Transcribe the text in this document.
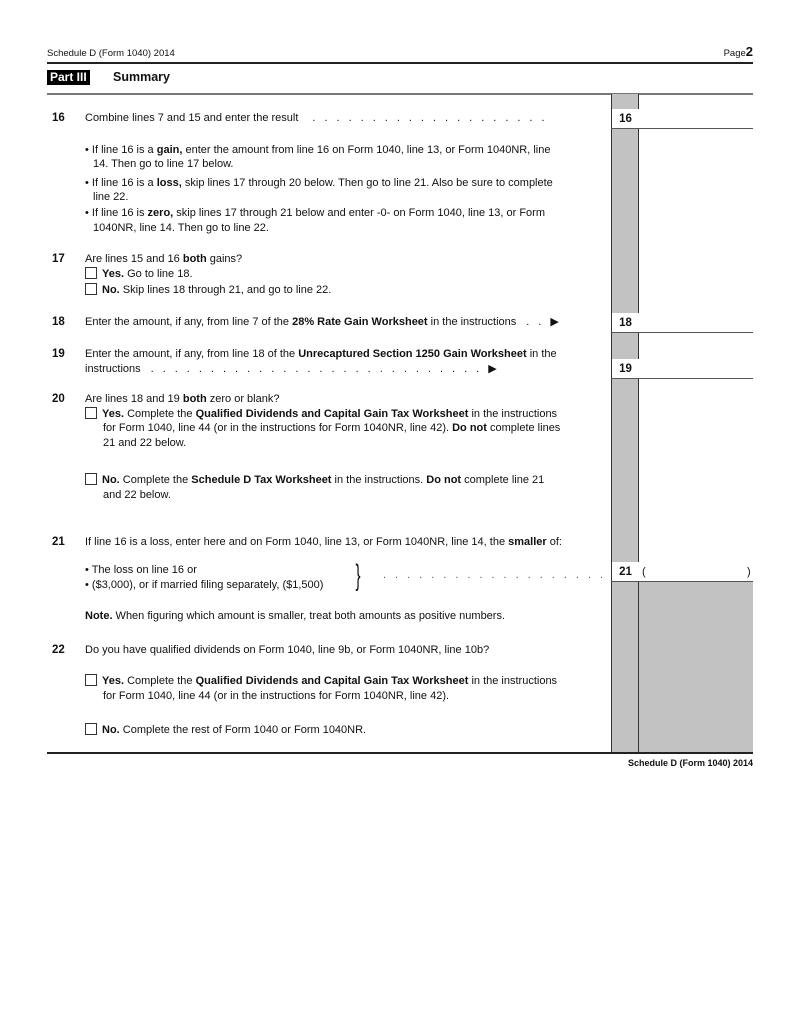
Schedule D (Form 1040) 2014	Page2
Part III Summary
16
18
19
21 (	)
16 Combine lines 7 and 15 and enter the result ....................
• If line 16 is a gain, enter the amount from line 16 on Form 1040, line 13, or Form 1040NR, line
14. Then go to line 17 below.
• If line 16 is a loss, skip lines 17 through 20 below. Then go to line 21. Also be sure to complete
line 22.
• If line 16 is zero, skip lines 17 through 21 below and enter -0- on Form 1040, line 13, or Form
1040NR, line 14. Then go to line 22.
17 Are lines 15 and 16 both gains?
Yes. Go to line 18.
No. Skip lines 18 through 21, and go to line 22.
18 Enter the amount, if any, from line 7 of the 28% Rate Gain Worksheet in the instructions ..▶
19 Enter the amount, if any, from line 18 of the Unrecaptured Section 1250 Gain Worksheet in the
instructions ............................▶
20 Are lines 18 and 19 both zero or blank?
Yes. Complete the Qualified Dividends and Capital Gain Tax Worksheet in the instructions
for Form 1040, line 44 (or in the instructions for Form 1040NR, line 42). Do not complete lines
21 and 22 below.
No. Complete the Schedule D Tax Worksheet in the instructions. Do not complete line 21
and 22 below.
21 If line 16 is a loss, enter here and on Form 1040, line 13, or Form 1040NR, line 14, the smaller of:
• The loss on line 16 or
• ($3,000), or if married filing separately, ($1,500) } ...................
Note. When figuring which amount is smaller, treat both amounts as positive numbers.
22 Do you have qualified dividends on Form 1040, line 9b, or Form 1040NR, line 10b?
Yes. Complete the Qualified Dividends and Capital Gain Tax Worksheet in the instructions
for Form 1040, line 44 (or in the instructions for Form 1040NR, line 42).
No. Complete the rest of Form 1040 or Form 1040NR.
Schedule D (Form 1040) 2014
